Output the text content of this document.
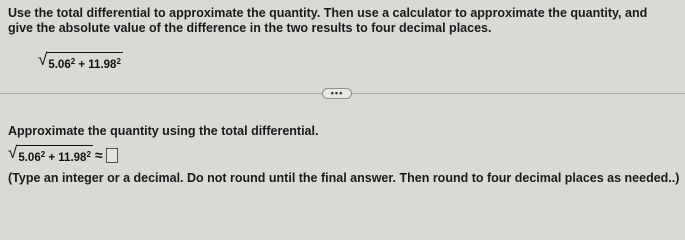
Use the total differential to approximate the quantity. Then use a calculator to approximate the quantity, and give the absolute value of the difference in the two results to four decimal places.
√ $5.06^2 + 11.98^2$
•••
Approximate the quantity using the total differential.
√ $5.06^2 + 11.98^2$ ≈
(Type an integer or a decimal. Do not round until the final answer. Then round to four decimal places as needed..)
